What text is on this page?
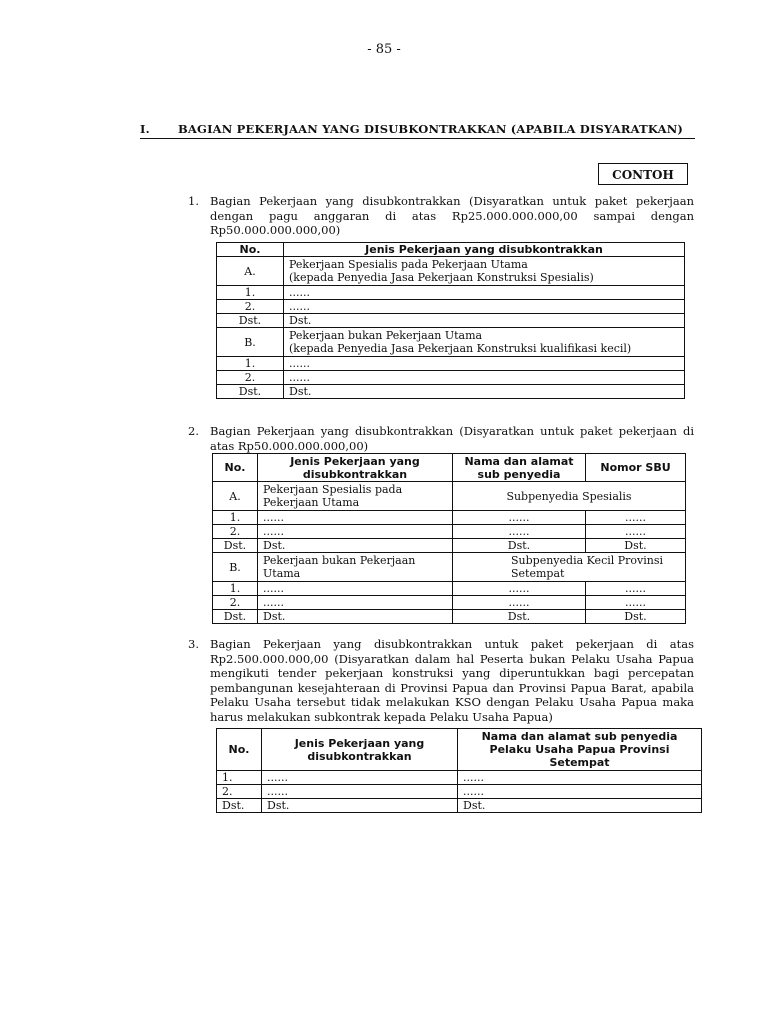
- 85 -
I. BAGIAN PEKERJAAN YANG DISUBKONTRAKKAN (APABILA DISYARATKAN)
CONTOH
1. Bagian Pekerjaan yang disubkontrakkan (Disyaratkan untuk paket pekerjaan dengan pagu anggaran di atas Rp25.000.000.000,00 sampai dengan Rp50.000.000.000,00)
No.	Jenis Pekerjaan yang disubkontrakkan
A.	Pekerjaan Spesialis pada Pekerjaan Utama
(kepada Penyedia Jasa Pekerjaan Konstruksi Spesialis)

1.	......
2.	......
Dst.	Dst.
B.	Pekerjaan bukan Pekerjaan Utama
(kepada Penyedia Jasa Pekerjaan Konstruksi kualifikasi kecil)

1.	......
2.	......
Dst.	Dst.
2. Bagian Pekerjaan yang disubkontrakkan (Disyaratkan untuk paket pekerjaan di atas Rp50.000.000.000,00)
No.	Jenis Pekerjaan yang disubkontrakkan	Nama dan alamat sub penyedia	Nomor SBU
A.	Pekerjaan Spesialis pada Pekerjaan Utama	Subpenyedia Spesialis	
1.	......	......	......
2.	......	......	......
Dst.	Dst.	Dst.	Dst.
B.	Pekerjaan bukan Pekerjaan Utama	Subpenyedia Kecil Provinsi Setempat	
1.	......	......	......
2.	......	......	......
Dst.	Dst.	Dst.	Dst.
3. Bagian Pekerjaan yang disubkontrakkan untuk paket pekerjaan di atas Rp2.500.000.000,00 (Disyaratkan dalam hal Peserta bukan Pelaku Usaha Papua mengikuti tender pekerjaan konstruksi yang diperuntukkan bagi percepatan pembangunan kesejahteraan di Provinsi Papua dan Provinsi Papua Barat, apabila Pelaku Usaha tersebut tidak melakukan KSO dengan Pelaku Usaha Papua maka harus melakukan subkontrak kepada Pelaku Usaha Papua)
No.	Jenis Pekerjaan yang disubkontrakkan	Nama dan alamat sub penyedia Pelaku Usaha Papua Provinsi Setempat
1.	......	......
2.	......	......
Dst.	Dst.	Dst.
